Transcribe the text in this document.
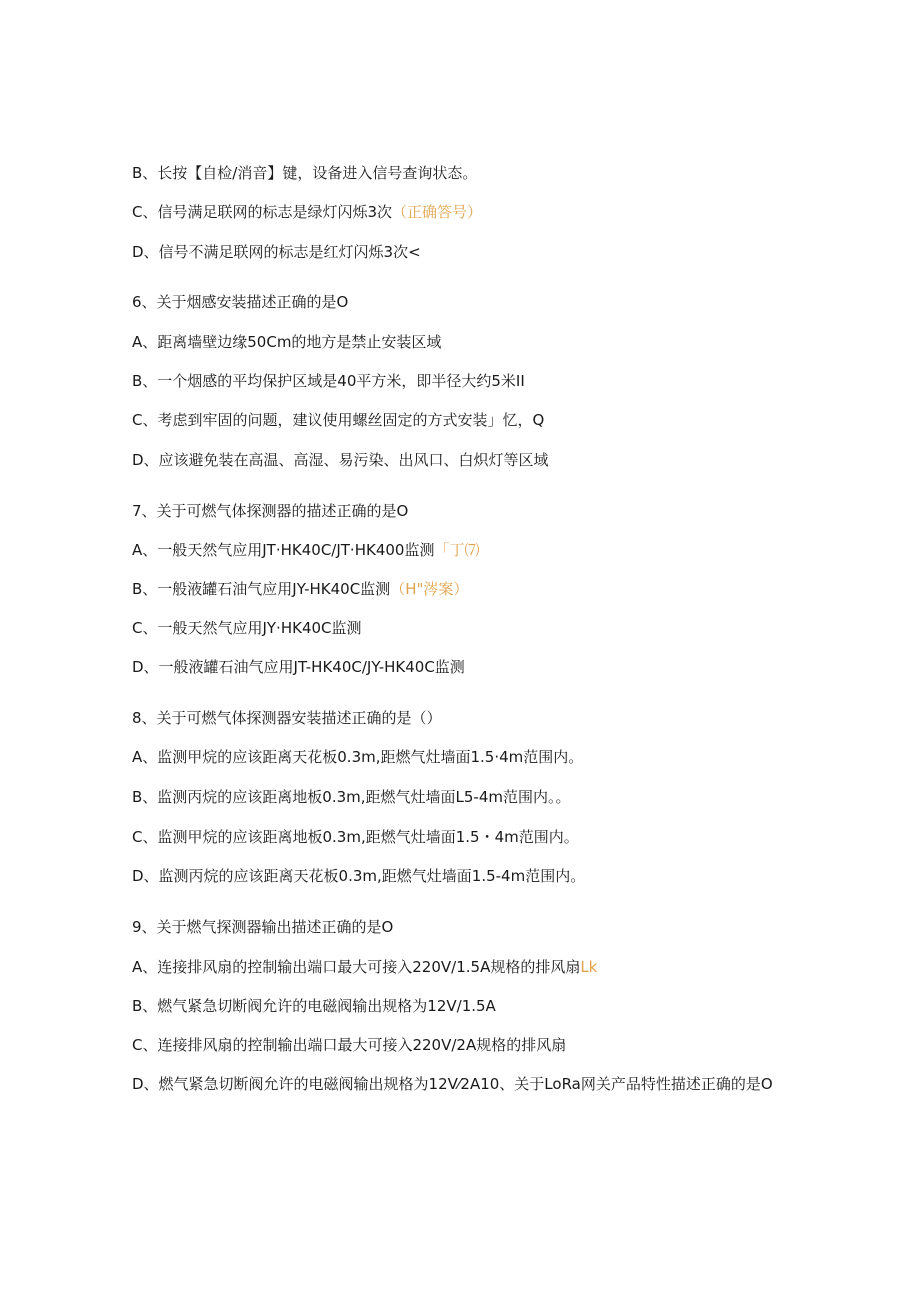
B、长按【自检/消音】键，设备进入信号查询状态。
C、信号满足联网的标志是绿灯闪烁3次（正确答号）
D、信号不满足联网的标志是红灯闪烁3次<
6、关于烟感安装描述正确的是O
A、距离墙壁边缘50Cm的地方是禁止安装区域
B、一个烟感的平均保护区域是40平方米，即半径大约5米II
C、考虑到牢固的问题，建议使用螺丝固定的方式安装」忆，Q
D、应该避免装在高温、高湿、易污染、出风口、白炽灯等区域
7、关于可燃气体探测器的描述正确的是O
A、一般天然气应用JT·HK40C/JT·HK400监测「丁⑺
B、一般液罐石油气应用JY-HK40C监测（H"涔案）
C、一般天然气应用JY·HK40C监测
D、一般液罐石油气应用JT-HK40C/JY-HK40C监测
8、关于可燃气体探测器安装描述正确的是（）
A、监测甲烷的应该距离天花板0.3m,距燃气灶墙面1.5·4m范围内。
B、监测丙烷的应该距离地板0.3m,距燃气灶墙面L5-4m范围内。。
C、监测甲烷的应该距离地板0.3m,距燃气灶墙面1.5・4m范围内。
D、监测丙烷的应该距离天花板0.3m,距燃气灶墙面1.5-4m范围内。
9、关于燃气探测器输出描述正确的是O
A、连接排风扇的控制输出端口最大可接入220V/1.5A规格的排风扇Lk
B、燃气紧急切断阀允许的电磁阀输出规格为12V/1.5A
C、连接排风扇的控制输出端口最大可接入220V/2A规格的排风扇
D、燃气紧急切断阀允许的电磁阀输出规格为12V⁄2A10、关于LoRa网关产品特性描述正确的是O
